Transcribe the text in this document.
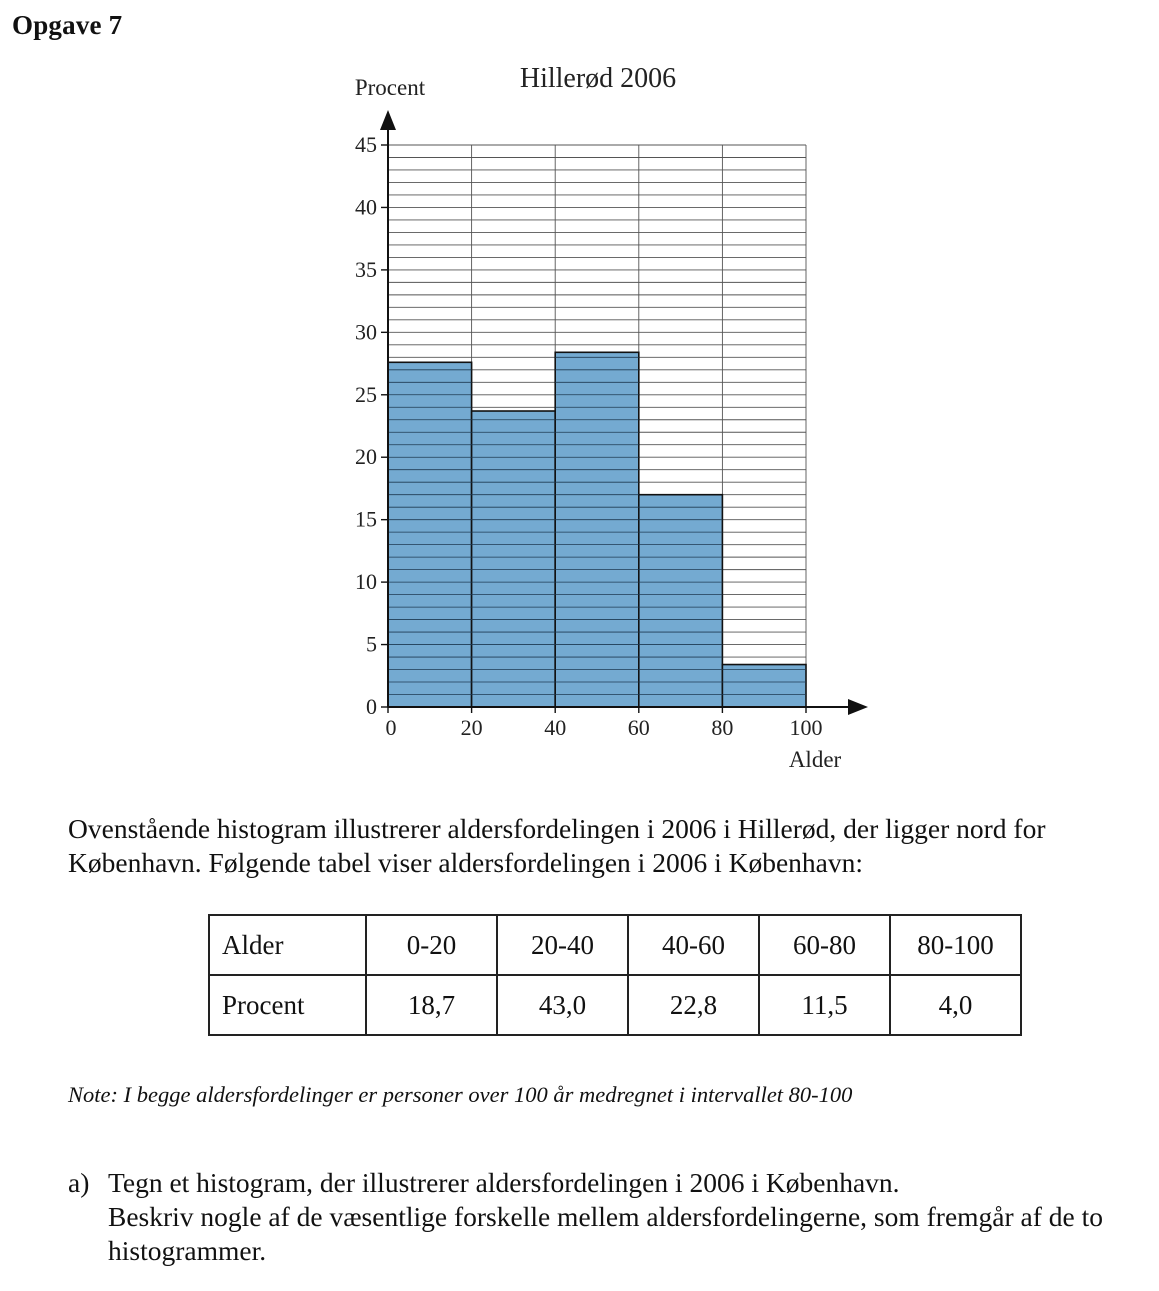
Opgave 7
Hillerød 2006
Procent
Alder
0
5
10
15
20
25
30
35
40
45
0	20	40	60	80	100
Ovenstående histogram illustrerer aldersfordelingen i 2006 i Hillerød, der ligger nord for København. Følgende tabel viser aldersfordelingen i 2006 i København:
Alder	0-20	20-40	40-60	60-80	80-100
Procent	18,7	43,0	22,8	11,5	4,0
Note: I begge aldersfordelinger er personer over 100 år medregnet i intervallet 80-100
a) Tegn et histogram, der illustrerer aldersfordelingen i 2006 i København.
Beskriv nogle af de væsentlige forskelle mellem aldersfordelingerne, som fremgår af de to histogrammer.
